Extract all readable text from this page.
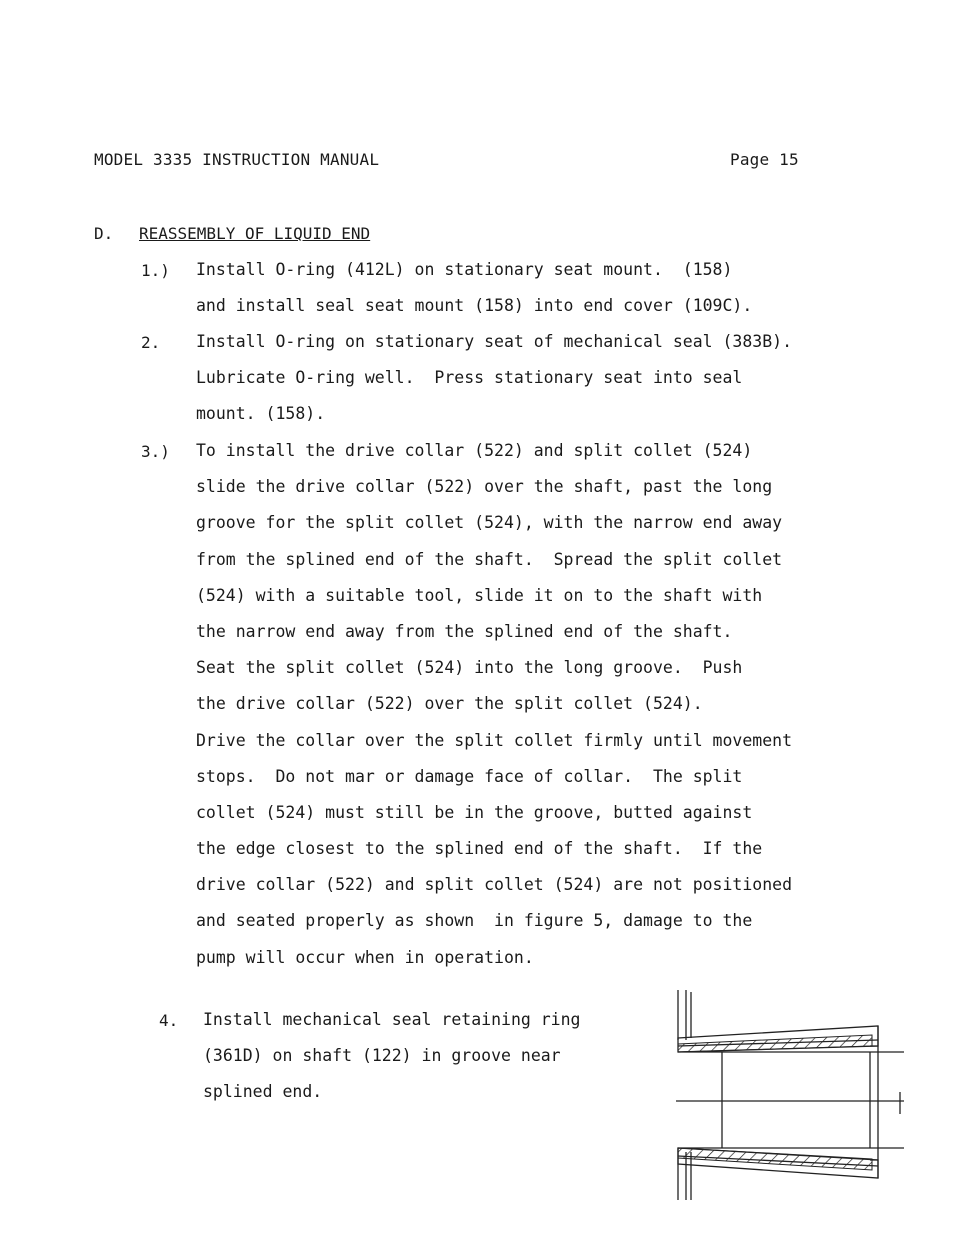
MODEL 3335 INSTRUCTION MANUAL	Page 15
D. REASSEMBLY OF LIQUID END
1.) Install O-ring (412L) on stationary seat mount.  (158)
and install seal seat mount (158) into end cover (109C).
2. Install O-ring on stationary seat of mechanical seal (383B).
Lubricate O-ring well.  Press stationary seat into seal
mount. (158).
3.) To install the drive collar (522) and split collet (524)
slide the drive collar (522) over the shaft, past the long
groove for the split collet (524), with the narrow end away
from the splined end of the shaft.  Spread the split collet
(524) with a suitable tool, slide it on to the shaft with
the narrow end away from the splined end of the shaft.
Seat the split collet (524) into the long groove.  Push
the drive collar (522) over the split collet (524).
Drive the collar over the split collet firmly until movement
stops.  Do not mar or damage face of collar.  The split
collet (524) must still be in the groove, butted against
the edge closest to the splined end of the shaft.  If the
drive collar (522) and split collet (524) are not positioned
and seated properly as shown  in figure 5, damage to the
pump will occur when in operation.
4. Install mechanical seal retaining ring
(361D) on shaft (122) in groove near
splined end.
